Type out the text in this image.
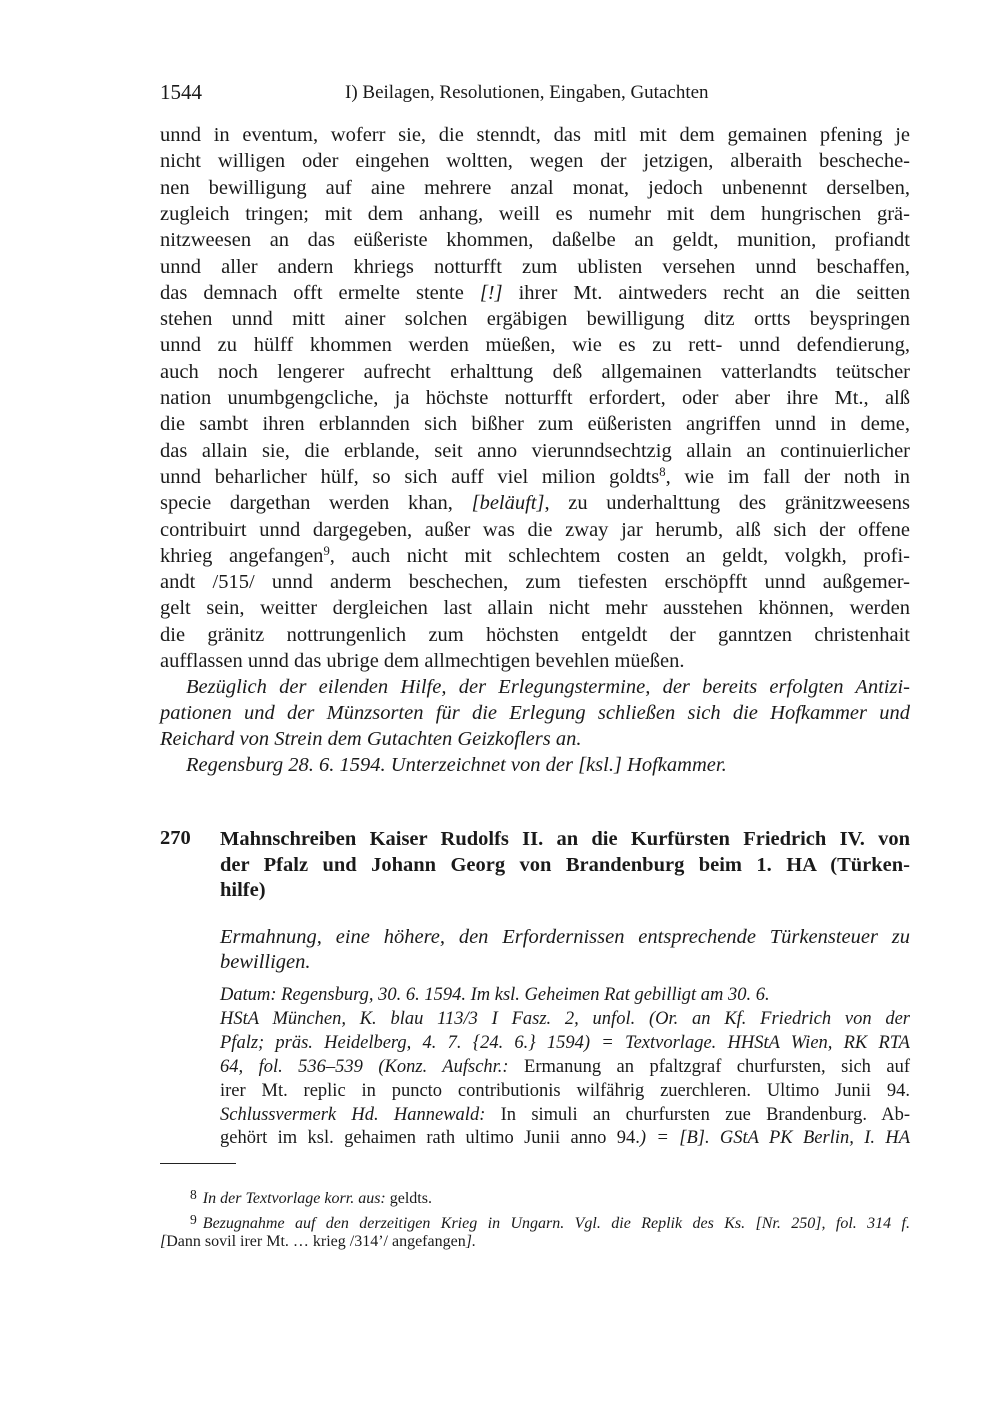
1544	I) Beilagen, Resolutionen, Eingaben, Gutachten
unnd in eventum, woferr sie, die stenndt, das mitl mit dem gemainen pfening je
nicht willigen oder eingehen woltten, wegen der jetzigen, alberaith bescheche-
nen bewilligung auf aine mehrere anzal monat, jedoch unbenennt derselben,
zugleich tringen; mit dem anhang, weill es numehr mit dem hungrischen grä-
nitzweesen an das eüßeriste khommen, daßelbe an geldt, munition, profiandt
unnd aller andern khriegs notturfft zum ublisten versehen unnd beschaffen,
das demnach offt ermelte stente [!] ihrer Mt. aintweders recht an die seitten
stehen unnd mitt ainer solchen ergäbigen bewilligung ditz ortts beyspringen
unnd zu hülff khommen werden müeßen, wie es zu rett- unnd defendierung,
auch noch lengerer aufrecht erhalttung deß allgemainen vatterlandts teütscher
nation unumbgengcliche, ja höchste notturfft erfordert, oder aber ihre Mt., alß
die sambt ihren erblannden sich bißher zum eüßeristen angriffen unnd in deme,
das allain sie, die erblande, seit anno vierunndsechtzig allain an continuierlicher
unnd beharlicher hülf, so sich auff viel milion goldts$^8$, wie im fall der noth in
specie dargethan werden khan, [beläuft], zu underhalttung des gränitzweesens
contribuirt unnd dargegeben, außer was die zway jar herumb, alß sich der offene
khrieg angefangen$^9$, auch nicht mit schlechtem costen an geldt, volgkh, profi-
andt /515/ unnd anderm beschechen, zum tiefesten erschöpfft unnd außgemer-
gelt sein, weitter dergleichen last allain nicht mehr ausstehen khönnen, werden
die gränitz nottrungenlich zum höchsten entgeldt der ganntzen christenhait
aufflassen unnd das ubrige dem allmechtigen bevehlen müeßen.
Bezüglich der eilenden Hilfe, der Erlegungstermine, der bereits erfolgten Antizi-
pationen und der Münzsorten für die Erlegung schließen sich die Hofkammer und
Reichard von Strein dem Gutachten Geizkoflers an.
Regensburg 28. 6. 1594. Unterzeichnet von der [ksl.] Hofkammer.
270 Mahnschreiben Kaiser Rudolfs II. an die Kurfürsten Friedrich IV. von
der Pfalz und Johann Georg von Brandenburg beim 1. HA (Türken-
hilfe)
Ermahnung, eine höhere, den Erfordernissen entsprechende Türkensteuer zu
bewilligen.
Datum: Regensburg, 30. 6. 1594. Im ksl. Geheimen Rat gebilligt am 30. 6.
HStA München, K. blau 113/3 I Fasz. 2, unfol. (Or. an Kf. Friedrich von der
Pfalz; präs. Heidelberg, 4. 7. {24. 6.} 1594) = Textvorlage. HHStA Wien, RK RTA
64, fol. 536–539 (Konz. Aufschr.: Ermanung an pfaltzgraf churfursten, sich auf
irer Mt. replic in puncto contributionis wilfährig zuerchleren. Ultimo Junii 94.
Schlussvermerk Hd. Hannewald: In simuli an churfursten zue Brandenburg. Ab-
gehört im ksl. gehaimen rath ultimo Junii anno 94.) = [B]. GStA PK Berlin, I. HA
$^8$ In der Textvorlage korr. aus: geldts.
$^9$ Bezugnahme auf den derzeitigen Krieg in Ungarn. Vgl. die Replik des Ks. [Nr. 250], fol. 314 f.
[Dann sovil irer Mt. … krieg /314’/ angefangen].
